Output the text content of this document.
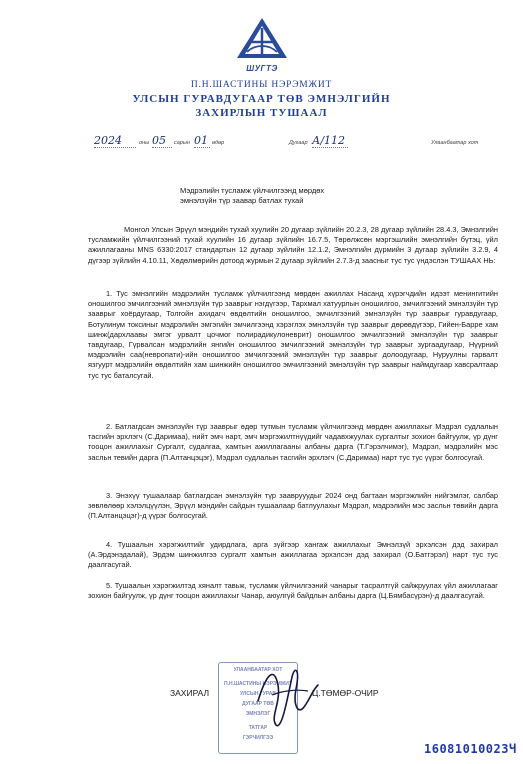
ШУГТЭ
П.Н.ШАСТИНЫ НЭРЭМЖИТ
УЛСЫН ГУРАВДУГААР ТӨВ ЭМНЭЛГИЙН
ЗАХИРЛЫН ТУШААЛ
2024	оны 05	сарын 01 өдөр	Дугаар А/112	Улаанбаатар хот
Мэдрэлийн тусламж үйлчилгээнд мөрдөх
эмнэлзүйн түр заавар батлах тухай
Монгол Улсын Эрүүл мэндийн тухай хуулийн 20 дугаар зүйлийн 20.2.3, 28 дугаар зүйлийн 28.4.3, Эмнэлгийн тусламжийн үйлчилгээний тухай хуулийн 16 дугаар зүйлийн 16.7.5, Төрөлжсөн мэргэшлийн эмнэлгийн бүтэц, үйл ажиллагааны MNS 6330:2017 стандартын 12 дугаар зүйлийн 12.1.2, Эмнэлгийн дүрмийн 3 дугаар зүйлийн 3.2.9, 4 дүгээр зүйлийн 4.10.11, Хөдөлмөрийн дотоод журмын 2 дугаар зүйлийн 2.7.3-д заасныг тус тус үндэслэн ТУШААХ НЬ:
1. Тус эмнэлгийн мэдрэлийн тусламж үйлчилгээнд мөрдөн ажиллах Насанд хүрэгчдийн идээт менингитийн оношилгоо эмчилгээний эмнэлзүйн түр зааврыг нэгдүгээр, Тархмал хатуурлын оношилгоо, эмчилгээний эмнэлзүйн түр зааврыг хоёрдугаар, Толгойн ахидагч өвдөлтийн оношилгоо, эмчилгээний эмнэлзүйн түр зааврыг гуравдугаар, Ботулинум токсиныг мэдрэлийн эмгэгийн эмчилгээнд хэрэглэх эмнэлзүйн түр зааврыг дөрөвдүгээр, Гийен-Барре хам шинж(дархлаавы эмгэг урвалт цочмог полирадикулоневрит) оношилгоо эмчилгээний эмнэлзүйн түр зааврыг тавдугаар, Гүрвалсан мэдрэлийн янгийн оношилгоо эмчилгээний эмнэлзүйн түр зааврыг зургаадугаар, Нүүрний мэдрэлийн саа(невропати)-ийн оношилгоо эмчилгээний эмнэлзүйн түр зааврыг долоодугаар, Нуруулны гарвалт язгуурт мэдрэлийн өвдөлтийн хам шинжийн оношилгоо эмчилгээний эмнэлзүйн түр зааврыг наймдугаар хавсралтаар тус тус баталсугай.
2. Батлагдсан эмнэлзүйн түр зааврыг өдөр тутмын тусламж үйлчилгээнд мөрдөн ажиллахыг Мэдрэл судлалын тасгийн эрхлэгч (С.Даримаа), нийт эмч нарт, эмч мэргэжилтнүүдийг чадавхжуулах сургалтыг зохион байгуулж, үр дүнг тооцон ажиллахыг Сургалт, судалгаа, хамтын ажиллагааны албаны дарга (Т.Гэрэлчимэг), Мэдрэл, мэдрэлийн мэс засльн тевийн дарга (П.Алтанцэцэг), Мэдрэл судлалын тасгийн эрхлэгч (С.Даримаа) нарт тус тус үүрэг болгосугай.
3. Энэхүү тушаалаар батлагдсан эмнэлзүйн түр зааврууудыг 2024 онд багтаан мэргэжлийн нийгэмлэг, салбар зөвлөлөөр хэлэлцүүлэн, Эрүүл мэндийн сайдын тушаалаар батлуулахыг Мэдрэл, мэдрэлийн мэс засльн төвийн дарга (П.Алтанцэцэг)-д үүрэг болгосугай.
4. Тушаалын хэрэгжилтийг удирдлага, арга зүйгээр хангаж ажиллахыг Эмнэлзүй эрхэлсэн дэд захирал (А.Эрдэнэдалай), Эрдэм шинжилгээ сургалт хамтын ажиллагаа эрхэлсэн дэд захирал (О.Батгэрэл) нарт тус тус даалгасугай.
5. Тушаалын хэрэгжилтэд хяналт тавьж, тусламж үйлчилгээний чанарыг тасралтгүй сайжруулах үйл ажиллагааг зохион байгуулж, үр дүнг тооцон ажиллахыг Чанар, аюулгүй байдлын албаны дарга (Ц.Бямбасүрэн)-д даалгасугай.
УЛААНБААТАР ХОТ
П.Н.ШАСТИНЫ НЭРЭМЖИТ
УЛСЫН ГУРАВ
ДУГААР ТӨВ
ЭМНЭЛЭГ
ТАТГАР
ГЭРЧИЛГЭЭ
ЗАХИРАЛ	Ц.ТӨМӨР-ОЧИР
16081010023Ч
